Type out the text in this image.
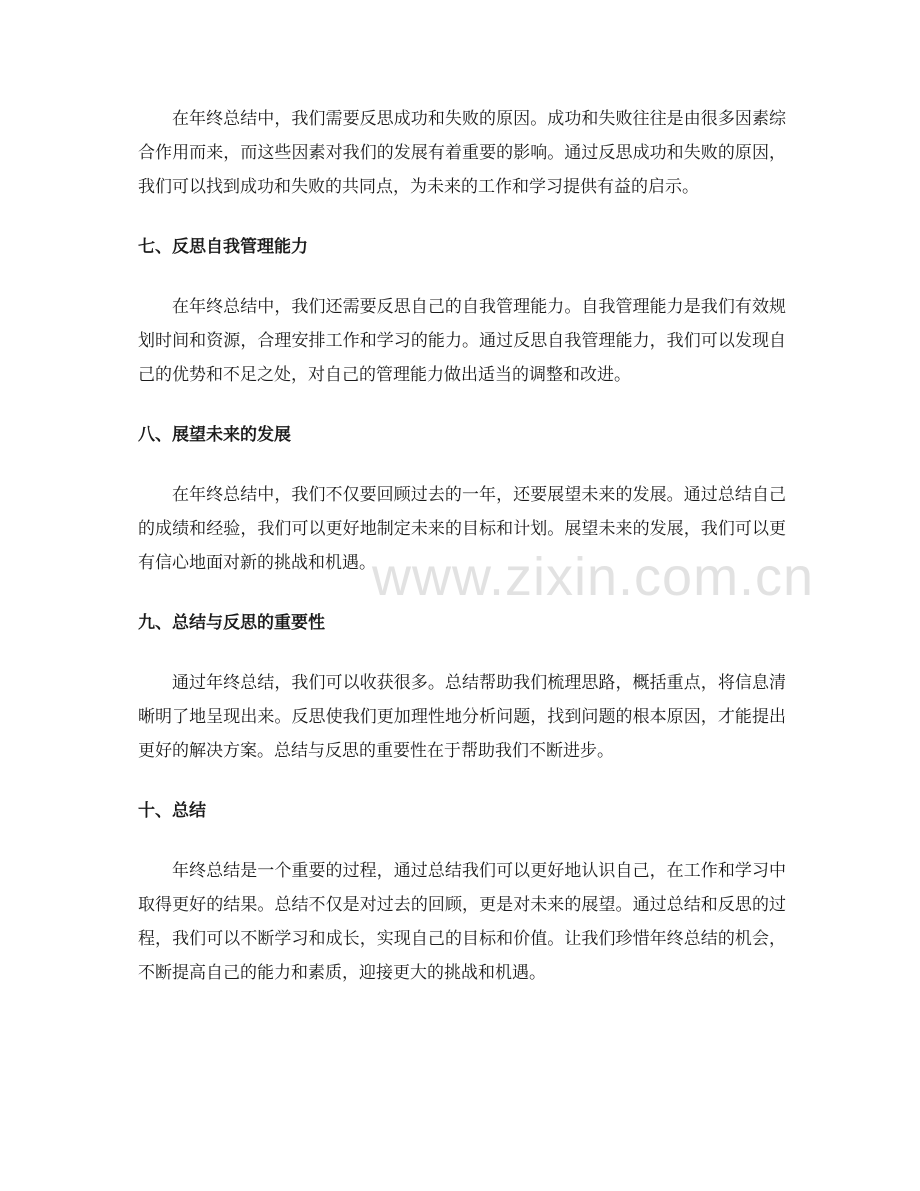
在年终总结中，我们需要反思成功和失败的原因。成功和失败往往是由很多因素综合作用而来，而这些因素对我们的发展有着重要的影响。通过反思成功和失败的原因，我们可以找到成功和失败的共同点，为未来的工作和学习提供有益的启示。

七、反思自我管理能力

在年终总结中，我们还需要反思自己的自我管理能力。自我管理能力是我们有效规划时间和资源，合理安排工作和学习的能力。通过反思自我管理能力，我们可以发现自己的优势和不足之处，对自己的管理能力做出适当的调整和改进。

八、展望未来的发展

在年终总结中，我们不仅要回顾过去的一年，还要展望未来的发展。通过总结自己的成绩和经验，我们可以更好地制定未来的目标和计划。展望未来的发展，我们可以更有信心地面对新的挑战和机遇。

九、总结与反思的重要性

通过年终总结，我们可以收获很多。总结帮助我们梳理思路，概括重点，将信息清晰明了地呈现出来。反思使我们更加理性地分析问题，找到问题的根本原因，才能提出更好的解决方案。总结与反思的重要性在于帮助我们不断进步。

十、总结

年终总结是一个重要的过程，通过总结我们可以更好地认识自己，在工作和学习中取得更好的结果。总结不仅是对过去的回顾，更是对未来的展望。通过总结和反思的过程，我们可以不断学习和成长，实现自己的目标和价值。让我们珍惜年终总结的机会，不断提高自己的能力和素质，迎接更大的挑战和机遇。

www.zixin.com.cn
